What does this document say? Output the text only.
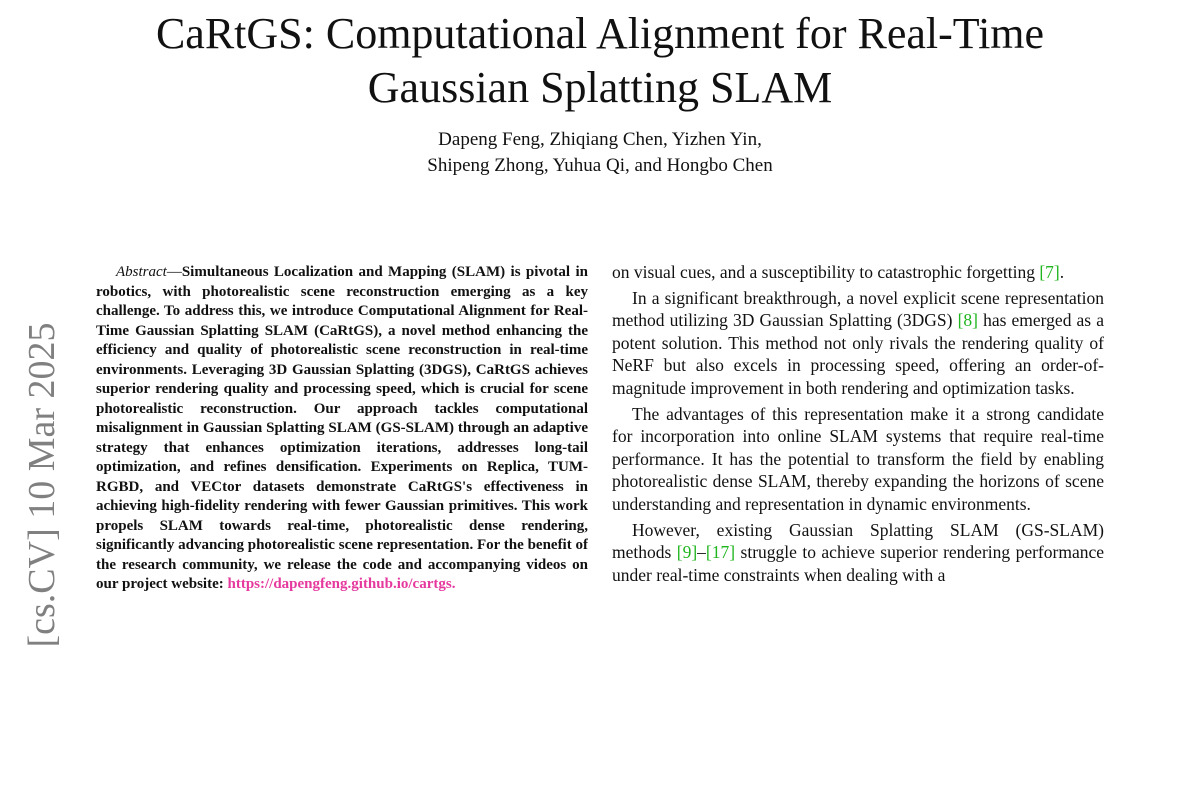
CaRtGS: Computational Alignment for Real-Time
Gaussian Splatting SLAM
Dapeng Feng, Zhiqiang Chen, Yizhen Yin,
Shipeng Zhong, Yuhua Qi, and Hongbo Chen
[cs.CV] 10 Mar 2025
Abstract—Simultaneous Localization and Mapping (SLAM) is pivotal in robotics, with photorealistic scene reconstruction emerging as a key challenge. To address this, we introduce Computational Alignment for Real-Time Gaussian Splatting SLAM (CaRtGS), a novel method enhancing the efficiency and quality of photorealistic scene reconstruction in real-time environments. Leveraging 3D Gaussian Splatting (3DGS), CaRtGS achieves superior rendering quality and processing speed, which is crucial for scene photorealistic reconstruction. Our approach tackles computational misalignment in Gaussian Splatting SLAM (GS-SLAM) through an adaptive strategy that enhances optimization iterations, addresses long-tail optimization, and refines densification. Experiments on Replica, TUM-RGBD, and VECtor datasets demonstrate CaRtGS's effectiveness in achieving high-fidelity rendering with fewer Gaussian primitives. This work propels SLAM towards real-time, photorealistic dense rendering, significantly advancing photorealistic scene representation. For the benefit of the research community, we release the code and accompanying videos on our project website: https://dapengfeng.github.io/cartgs.

on visual cues, and a susceptibility to catastrophic forgetting [7].

In a significant breakthrough, a novel explicit scene representation method utilizing 3D Gaussian Splatting (3DGS) [8] has emerged as a potent solution. This method not only rivals the rendering quality of NeRF but also excels in processing speed, offering an order-of-magnitude improvement in both rendering and optimization tasks.

The advantages of this representation make it a strong candidate for incorporation into online SLAM systems that require real-time performance. It has the potential to transform the field by enabling photorealistic dense SLAM, thereby expanding the horizons of scene understanding and representation in dynamic environments.

However, existing Gaussian Splatting SLAM (GS-SLAM) methods [9]–[17] struggle to achieve superior rendering performance under real-time constraints when dealing with a
